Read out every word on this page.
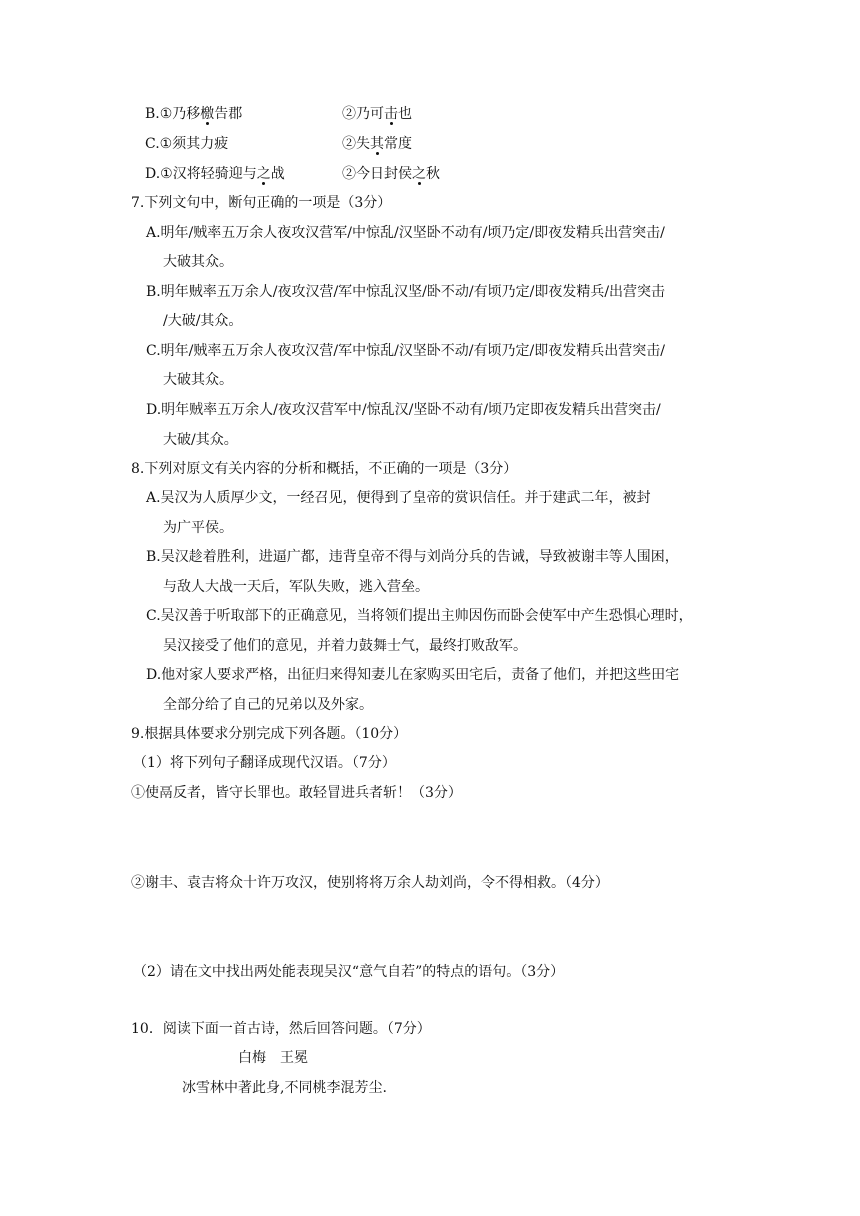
B.①乃移檄告郡	②乃可击也
C.①须其力疲	②失其常度
D.①汉将轻骑迎与之战	②今日封侯之秋
7.下列文句中，断句正确的一项是（3分）
A.明年/贼率五万余人夜攻汉营军/中惊乱/汉坚卧不动有/顷乃定/即夜发精兵出营突击/
大破其众。
B.明年贼率五万余人/夜攻汉营/军中惊乱汉坚/卧不动/有顷乃定/即夜发精兵/出营突击
/大破/其众。
C.明年/贼率五万余人夜攻汉营/军中惊乱/汉坚卧不动/有顷乃定/即夜发精兵出营突击/
大破其众。
D.明年贼率五万余人/夜攻汉营军中/惊乱汉/坚卧不动有/顷乃定即夜发精兵出营突击/
大破/其众。
8.下列对原文有关内容的分析和概括，不正确的一项是（3分）
A.吴汉为人质厚少文，一经召见，便得到了皇帝的赏识信任。并于建武二年，被封
为广平侯。
B.吴汉趁着胜利，进逼广都，违背皇帝不得与刘尚分兵的告诫，导致被谢丰等人围困，
与敌人大战一天后，军队失败，逃入营垒。
C.吴汉善于听取部下的正确意见，当将领们提出主帅因伤而卧会使军中产生恐惧心理时，
吴汉接受了他们的意见，并着力鼓舞士气，最终打败敌军。
D.他对家人要求严格，出征归来得知妻儿在家购买田宅后，责备了他们，并把这些田宅
全部分给了自己的兄弟以及外家。
9.根据具体要求分别完成下列各题。（10分）
（1）将下列句子翻译成现代汉语。（7分）
①使鬲反者，皆守长罪也。敢轻冒进兵者斩！（3分）
②谢丰、袁吉将众十许万攻汉，使别将将万余人劫刘尚，令不得相救。（4分）
（2）请在文中找出两处能表现吴汉“意气自若”的特点的语句。（3分）
10．阅读下面一首古诗，然后回答问题。（7分）
白梅　王冕
冰雪林中著此身,不同桃李混芳尘.
